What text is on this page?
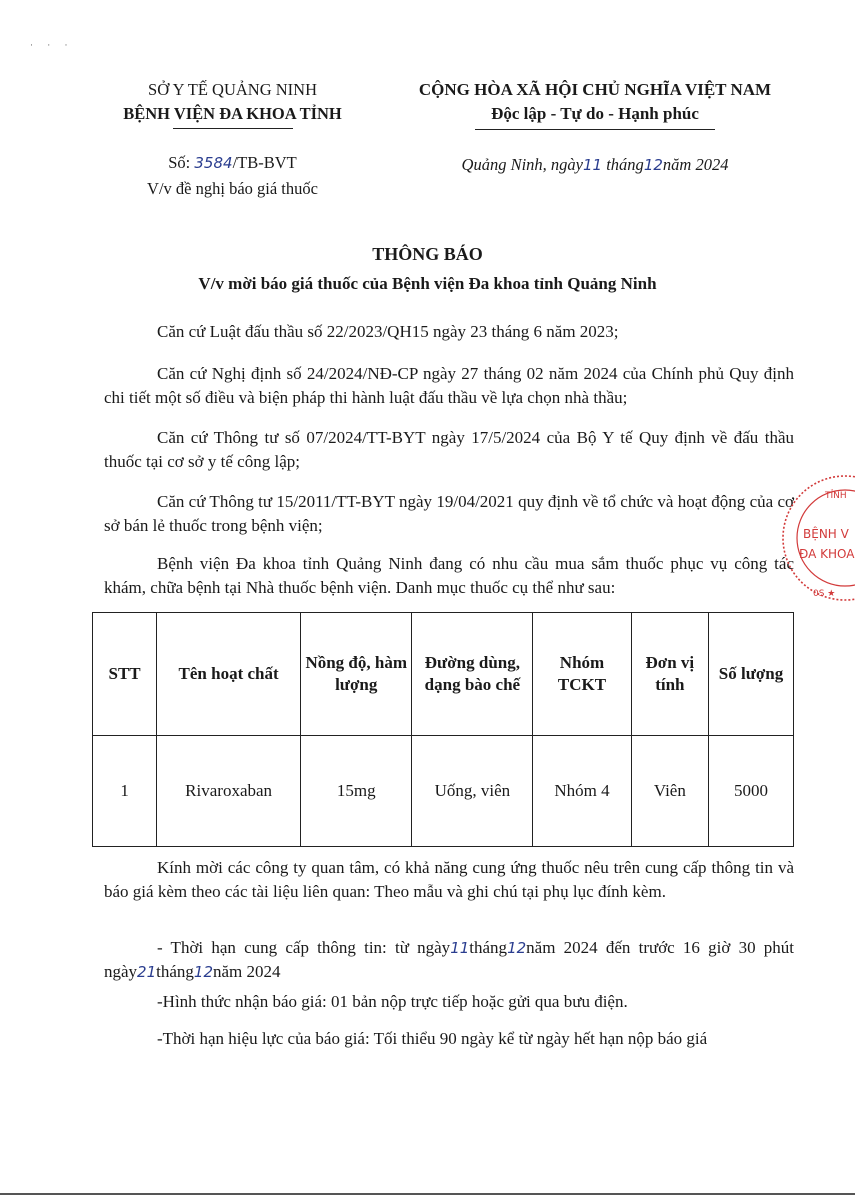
· · ·
SỞ Y TẾ QUẢNG NINH
BỆNH VIỆN ĐA KHOA TỈNH
CỘNG HÒA XÃ HỘI CHỦ NGHĨA VIỆT NAM
Độc lập - Tự do - Hạnh phúc
Số: 3584/TB-BVT
V/v đề nghị báo giá thuốc
Quảng Ninh, ngày11 tháng12năm 2024
THÔNG BÁO
V/v mời báo giá thuốc của Bệnh viện Đa khoa tỉnh Quảng Ninh
Căn cứ Luật đấu thầu số 22/2023/QH15 ngày 23 tháng 6 năm 2023;
Căn cứ Nghị định số 24/2024/NĐ-CP ngày 27 tháng 02 năm 2024 của Chính phủ Quy định chi tiết một số điều và biện pháp thi hành luật đấu thầu về lựa chọn nhà thầu;
Căn cứ Thông tư số 07/2024/TT-BYT ngày 17/5/2024 của Bộ Y tế Quy định về đấu thầu thuốc tại cơ sở y tế công lập;
Căn cứ Thông tư 15/2011/TT-BYT ngày 19/04/2021 quy định về tổ chức và hoạt động của cơ sở bán lẻ thuốc trong bệnh viện;
Bệnh viện Đa khoa tỉnh Quảng Ninh đang có nhu cầu mua sắm thuốc phục vụ công tác khám, chữa bệnh tại Nhà thuốc bệnh viện. Danh mục thuốc cụ thể như sau:
STT	Tên hoạt chất	Nồng độ, hàm lượng	Đường dùng, dạng bào chế	Nhóm TCKT	Đơn vị tính	Số lượng
1	Rivaroxaban	15mg	Uống, viên	Nhóm 4	Viên	5000
Kính mời các công ty quan tâm, có khả năng cung ứng thuốc nêu trên cung cấp thông tin và báo giá kèm theo các tài liệu liên quan: Theo mẫu và ghi chú tại phụ lục đính kèm.
- Thời hạn cung cấp thông tin: từ ngày11tháng12năm 2024 đến trước 16 giờ 30 phút ngày21tháng12năm 2024
-Hình thức nhận báo giá: 01 bản nộp trực tiếp hoặc gửi qua bưu điện.
-Thời hạn hiệu lực của báo giá: Tối thiểu 90 ngày kể từ ngày hết hạn nộp báo giá
TỈNH
BỆNH V
ĐA KHOA
0S ★
